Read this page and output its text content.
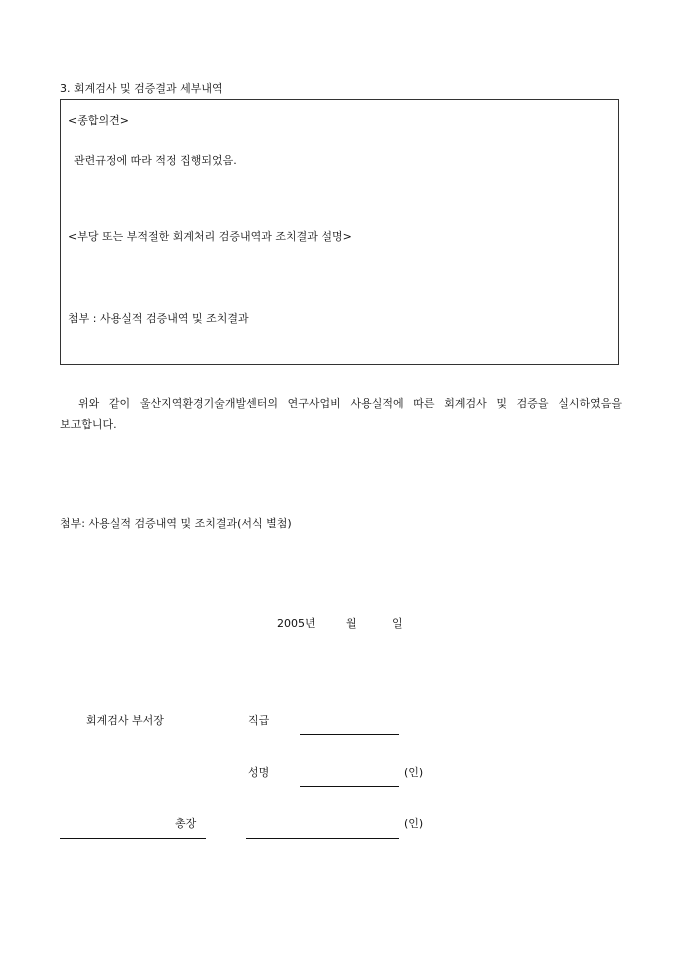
3. 회계검사 및 검증결과 세부내역
<종합의견>
관련규정에 따라 적정 집행되었음.
<부당 또는 부적절한 회계처리 검증내역과 조치결과 설명>
첨부 : 사용실적 검증내역 및 조치결과
위와 같이 울산지역환경기술개발센터의 연구사업비 사용실적에 따른 회계검사 및 검증을 실시하였음을 보고합니다.
첨부: 사용실적 검증내역 및 조치결과(서식 별첨)
2005년	월	일
회계검사 부서장	직급
성명	(인)
총장	(인)
